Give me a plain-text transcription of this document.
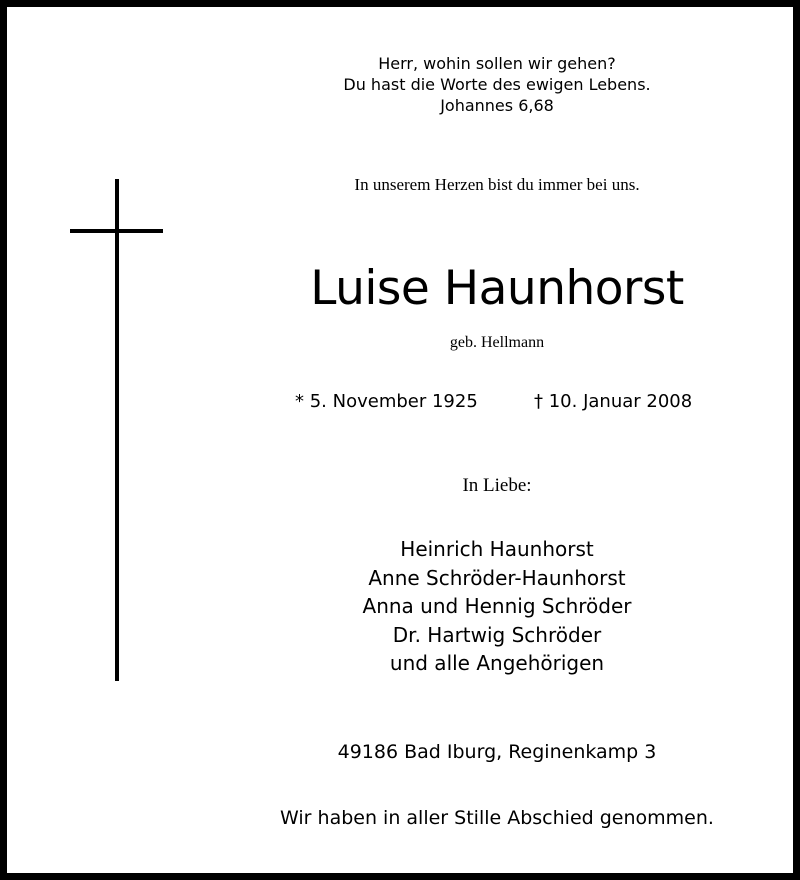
Herr, wohin sollen wir gehen?
Du hast die Worte des ewigen Lebens.
Johannes 6,68
In unserem Herzen bist du immer bei uns.
Luise Haunhorst
geb. Hellmann
* 5. November 1925	† 10. Januar 2008
In Liebe:
Heinrich Haunhorst
Anne Schröder-Haunhorst
Anna und Hennig Schröder
Dr. Hartwig Schröder
und alle Angehörigen
49186 Bad Iburg, Reginenkamp 3
Wir haben in aller Stille Abschied genommen.
